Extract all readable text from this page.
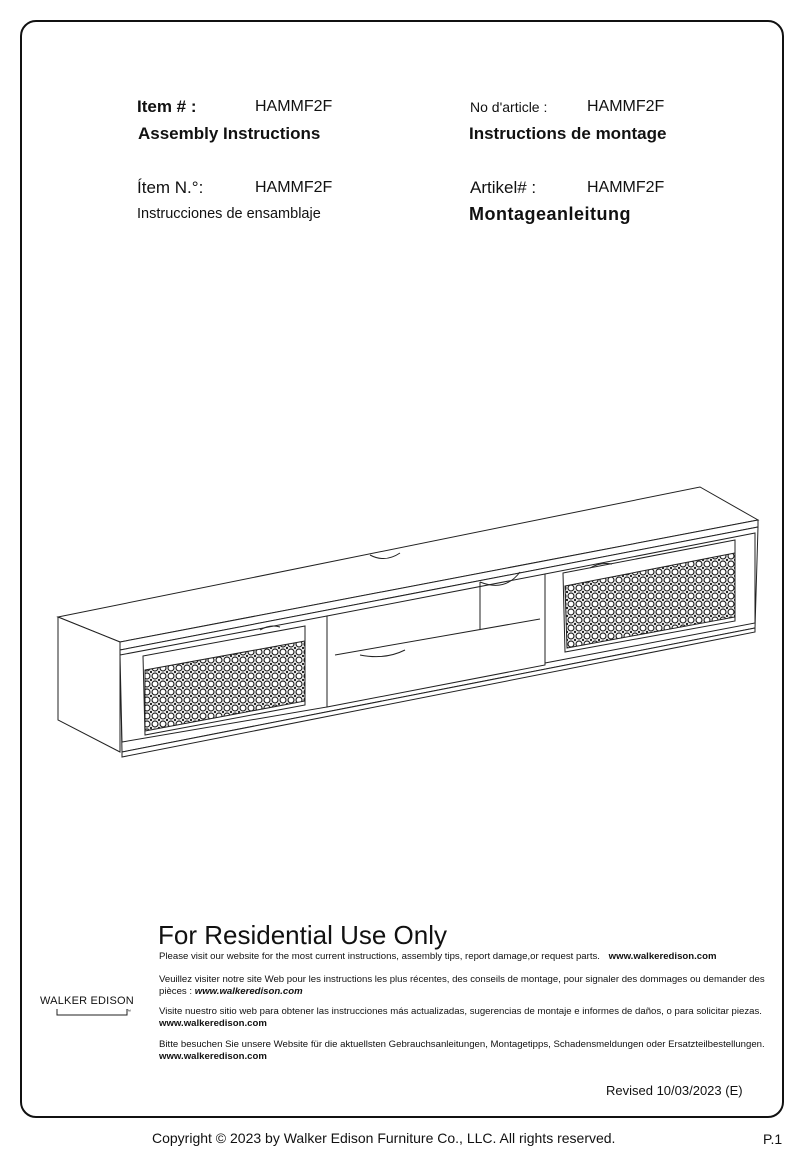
Item # :	HAMMF2F
Assembly Instructions
No d'article : HAMMF2F
Instructions de montage
Ítem N.°:	HAMMF2F
Instrucciones de ensamblaje
Artikel# :	HAMMF2F
Montageanleitung
For Residential Use Only
Please visit our website for the most current instructions, assembly tips, report damage,or request parts. www.walkeredison.com
Veuillez visiter notre site Web pour les instructions les plus récentes, des conseils de montage, pour signaler des dommages ou demander des pièces : www.walkeredison.com
Visite nuestro sitio web para obtener las instrucciones más actualizadas, sugerencias de montaje e informes de daños, o para solicitar piezas. www.walkeredison.com
Bitte besuchen Sie unsere Website für die aktuellsten Gebrauchsanleitungen, Montagetipps, Schadensmeldungen oder Ersatzteilbestellungen. www.walkeredison.com
WALKER EDISON
™
Revised 10/03/2023 (E)
Copyright © 2023 by Walker Edison Furniture Co., LLC. All rights reserved.	P.1
